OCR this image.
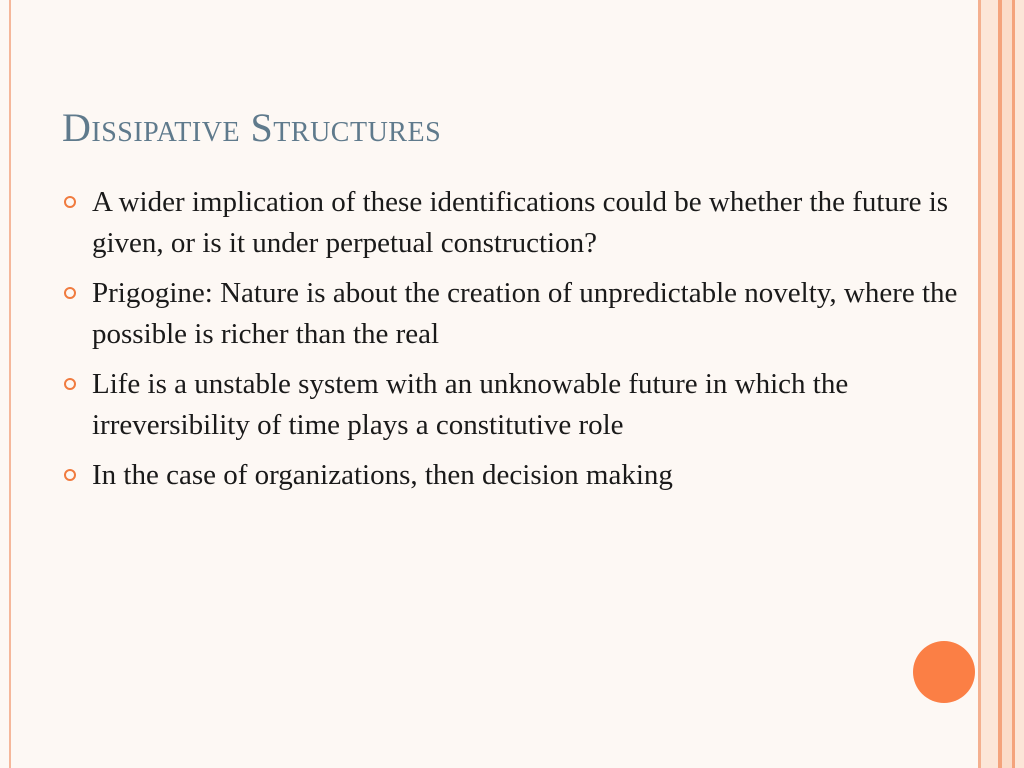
Dissipative Structures
A wider implication of these identifications could be whether the future is given, or is it under perpetual construction?
Prigogine: Nature is about the creation of unpredictable novelty, where the possible is richer than the real
Life is a unstable system with an unknowable future in which the irreversibility of time plays a constitutive role
In the case of organizations, then decision making
